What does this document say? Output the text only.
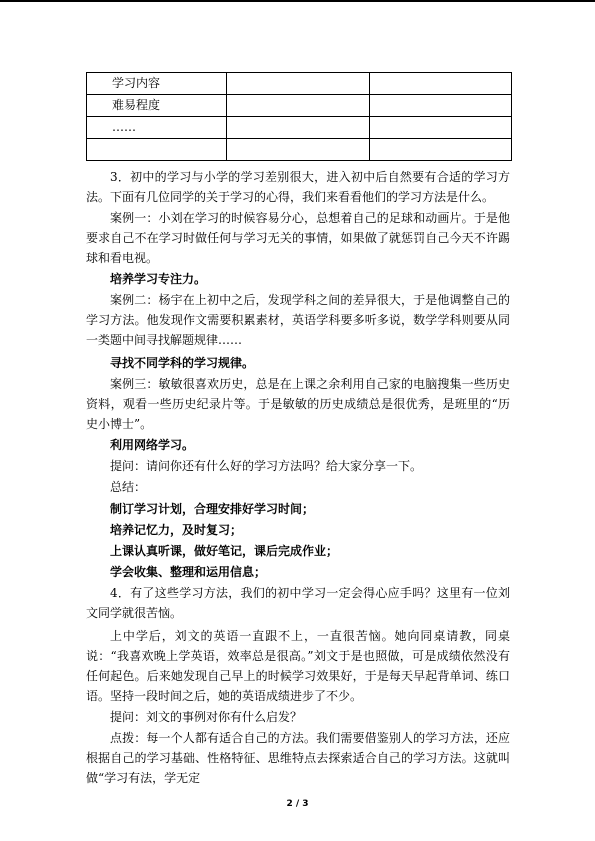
学习内容		
难易程度		
……		

3．初中的学习与小学的学习差别很大，进入初中后自然要有合适的学习方法。下面有几位同学的关于学习的心得，我们来看看他们的学习方法是什么。

案例一：小刘在学习的时候容易分心，总想着自己的足球和动画片。于是他要求自己不在学习时做任何与学习无关的事情，如果做了就惩罚自己今天不许踢球和看电视。

培养学习专注力。

案例二：杨宇在上初中之后，发现学科之间的差异很大，于是他调整自己的学习方法。他发现作文需要积累素材，英语学科要多听多说，数学学科则要从同一类题中间寻找解题规律……

寻找不同学科的学习规律。

案例三：敏敏很喜欢历史，总是在上课之余利用自己家的电脑搜集一些历史资料，观看一些历史纪录片等。于是敏敏的历史成绩总是很优秀，是班里的“历史小博士”。

利用网络学习。

提问：请问你还有什么好的学习方法吗？给大家分享一下。

总结：

制订学习计划，合理安排好学习时间；

培养记忆力，及时复习；

上课认真听课，做好笔记，课后完成作业；

学会收集、整理和运用信息；

4．有了这些学习方法，我们的初中学习一定会得心应手吗？这里有一位刘文同学就很苦恼。

上中学后，刘文的英语一直跟不上，一直很苦恼。她向同桌请教，同桌说：“我喜欢晚上学英语，效率总是很高。”刘文于是也照做，可是成绩依然没有任何起色。后来她发现自己早上的时候学习效果好，于是每天早起背单词、练口语。坚持一段时间之后，她的英语成绩进步了不少。

提问：刘文的事例对你有什么启发？

点拨：每一个人都有适合自己的方法。我们需要借鉴别人的学习方法，还应根据自己的学习基础、性格特征、思维特点去探索适合自己的学习方法。这就叫做“学习有法，学无定

2 / 3
